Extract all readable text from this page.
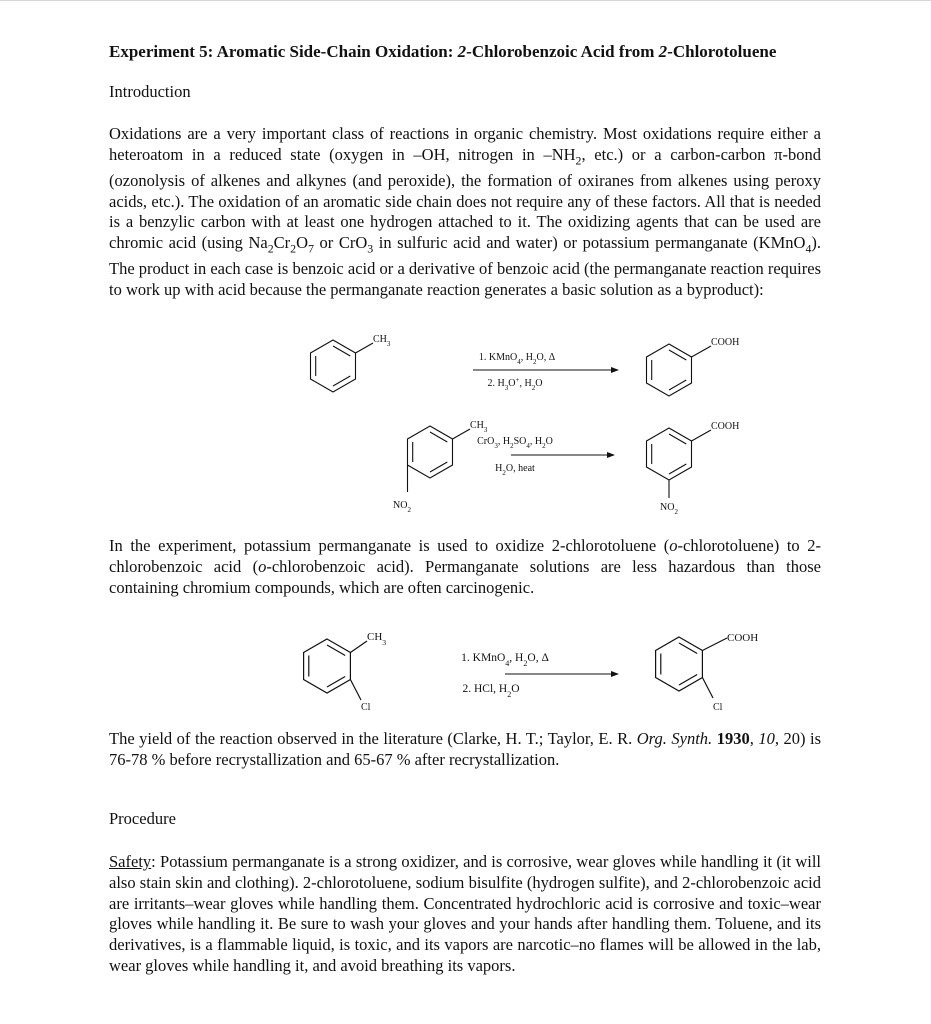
Experiment 5: Aromatic Side-Chain Oxidation: 2-Chlorobenzoic Acid from 2-Chlorotoluene
Introduction
Oxidations are a very important class of reactions in organic chemistry. Most oxidations require either a heteroatom in a reduced state (oxygen in –OH, nitrogen in $-NH_2$, etc.) or a carbon-carbon π-bond (ozonolysis of alkenes and alkynes (and peroxide), the formation of oxiranes from alkenes using peroxy acids, etc.). The oxidation of an aromatic side chain does not require any of these factors. All that is needed is a benzylic carbon with at least one hydrogen attached to it. The oxidizing agents that can be used are chromic acid (using $Na_2Cr_2O_7$ or CrO$_3$ in sulfuric acid and water) or potassium permanganate (KMnO$_4$). The product in each case is benzoic acid or a derivative of benzoic acid (the permanganate reaction requires to work up with acid because the permanganate reaction generates a basic solution as a byproduct):
$CH_3$
1. KMnO$_4$, $H_2O$, Δ
2. $H_3O^+$, $H_2O$
COOH
$CH_3$
$NO_2$
CrO$_3$, $H_2SO_4$, $H_2O$
$H_2O$, heat
COOH
$NO_2$
In the experiment, potassium permanganate is used to oxidize 2-chlorotoluene (o-chlorotoluene) to 2-chlorobenzoic acid (o-chlorobenzoic acid). Permanganate solutions are less hazardous than those containing chromium compounds, which are often carcinogenic.
$CH_3$
Cl
1. KMnO$_4$, $H_2O$, Δ
2. HCl, $H_2O$
COOH
Cl
The yield of the reaction observed in the literature (Clarke, H. T.; Taylor, E. R. Org. Synth. 1930, 10, 20) is 76-78 % before recrystallization and 65-67 % after recrystallization.
Procedure
Safety: Potassium permanganate is a strong oxidizer, and is corrosive, wear gloves while handling it (it will also stain skin and clothing). 2-chlorotoluene, sodium bisulfite (hydrogen sulfite), and 2-chlorobenzoic acid are irritants–wear gloves while handling them. Concentrated hydrochloric acid is corrosive and toxic–wear gloves while handling it. Be sure to wash your gloves and your hands after handling them. Toluene, and its derivatives, is a flammable liquid, is toxic, and its vapors are narcotic–no flames will be allowed in the lab, wear gloves while handling it, and avoid breathing its vapors.
